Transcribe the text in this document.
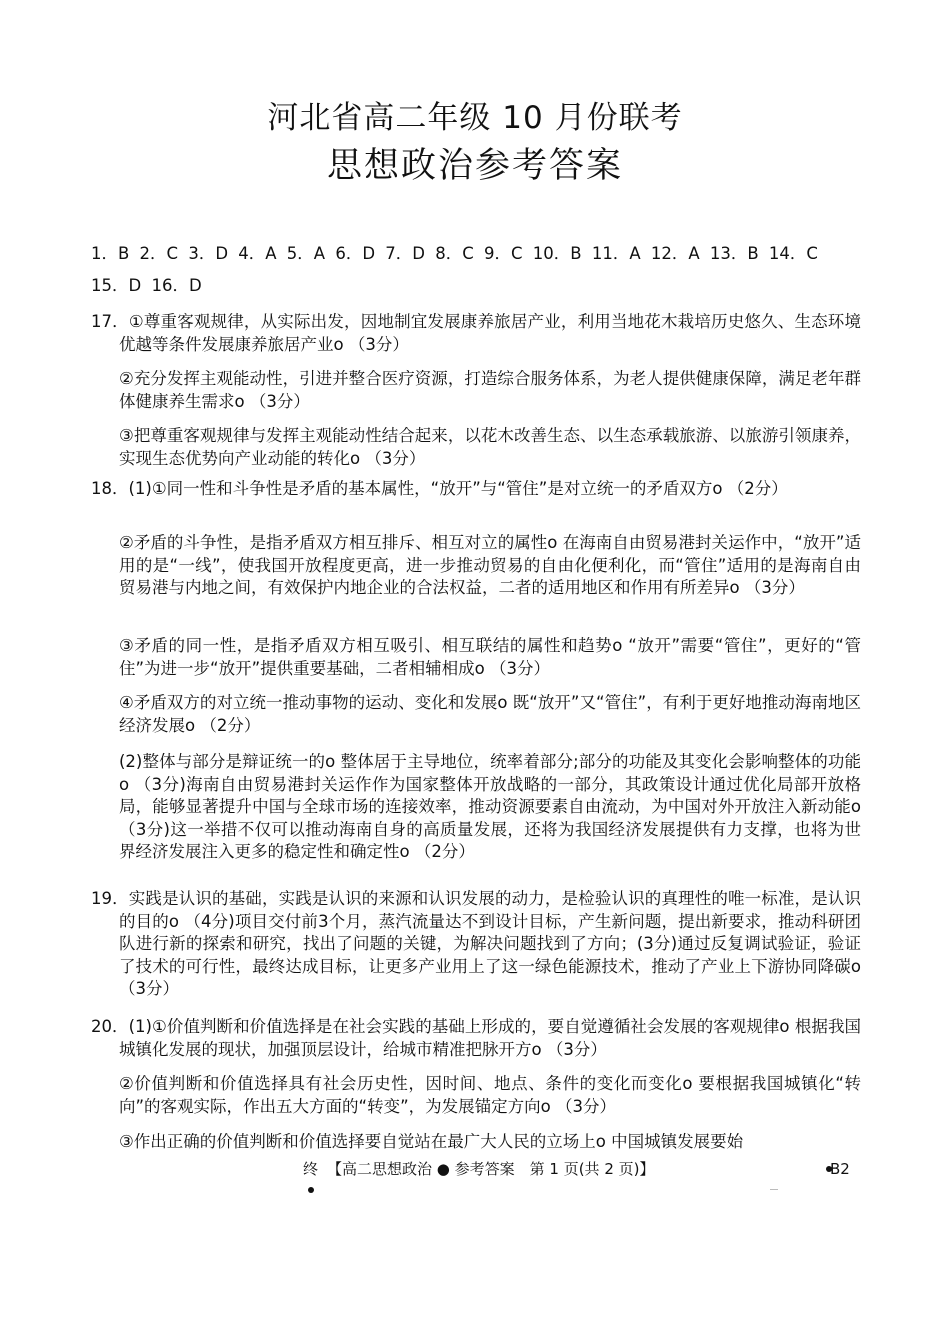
河北省高二年级 10 月份联考
思想政治参考答案
1．B 2．C 3．D 4．A 5．A 6．D 7．D 8．C 9．C 10．B 11．A 12．A 13．B 14．C
15．D 16．D
17．①尊重客观规律，从实际出发，因地制宜发展康养旅居产业，利用当地花木栽培历史悠久、生态环境优越等条件发展康养旅居产业o （3分）
②充分发挥主观能动性，引进并整合医疗资源，打造综合服务体系，为老人提供健康保障，满足老年群体健康养生需求o （3分）
③把尊重客观规律与发挥主观能动性结合起来，以花木改善生态、以生态承载旅游、以旅游引领康养，实现生态优势向产业动能的转化o （3分）
18．(1)①同一性和斗争性是矛盾的基本属性，“放开”与“管住”是对立统一的矛盾双方o （2分）
②矛盾的斗争性，是指矛盾双方相互排斥、相互对立的属性o 在海南自由贸易港封关运作中，“放开”适用的是“一线”，使我国开放程度更高，进一步推动贸易的自由化便利化，而“管住”适用的是海南自由贸易港与内地之间，有效保护内地企业的合法权益，二者的适用地区和作用有所差异o （3分）
③矛盾的同一性，是指矛盾双方相互吸引、相互联结的属性和趋势o “放开”需要“管住”，更好的“管住”为进一步“放开”提供重要基础，二者相辅相成o （3分）
④矛盾双方的对立统一推动事物的运动、变化和发展o 既“放开”又“管住”，有利于更好地推动海南地区经济发展o （2分）
(2)整体与部分是辩证统一的o 整体居于主导地位，统率着部分;部分的功能及其变化会影响整体的功能o （3分)海南自由贸易港封关运作作为国家整体开放战略的一部分，其政策设计通过优化局部开放格局，能够显著提升中国与全球市场的连接效率，推动资源要素自由流动，为中国对外开放注入新动能o （3分)这一举措不仅可以推动海南自身的高质量发展，还将为我国经济发展提供有力支撑，也将为世界经济发展注入更多的稳定性和确定性o （2分）
19．实践是认识的基础，实践是认识的来源和认识发展的动力，是检验认识的真理性的唯一标准，是认识的目的o （4分)项目交付前3个月，蒸汽流量达不到设计目标，产生新问题，提出新要求，推动科研团队进行新的探索和研究，找出了问题的关键，为解决问题找到了方向；(3分)通过反复调试验证，验证了技术的可行性，最终达成目标，让更多产业用上了这一绿色能源技术，推动了产业上下游协同降碳o （3分）
20．(1)①价值判断和价值选择是在社会实践的基础上形成的，要自觉遵循社会发展的客观规律o 根据我国城镇化发展的现状，加强顶层设计，给城市精准把脉开方o （3分）
②价值判断和价值选择具有社会历史性，因时间、地点、条件的变化而变化o 要根据我国城镇化“转向”的客观实际，作出五大方面的“转变”，为发展锚定方向o （3分）
③作出正确的价值判断和价值选择要自觉站在最广大人民的立场上o 中国城镇发展要始
终 【高二思想政治 ● 参考答案　第 1 页(共 2 页)】	B2
